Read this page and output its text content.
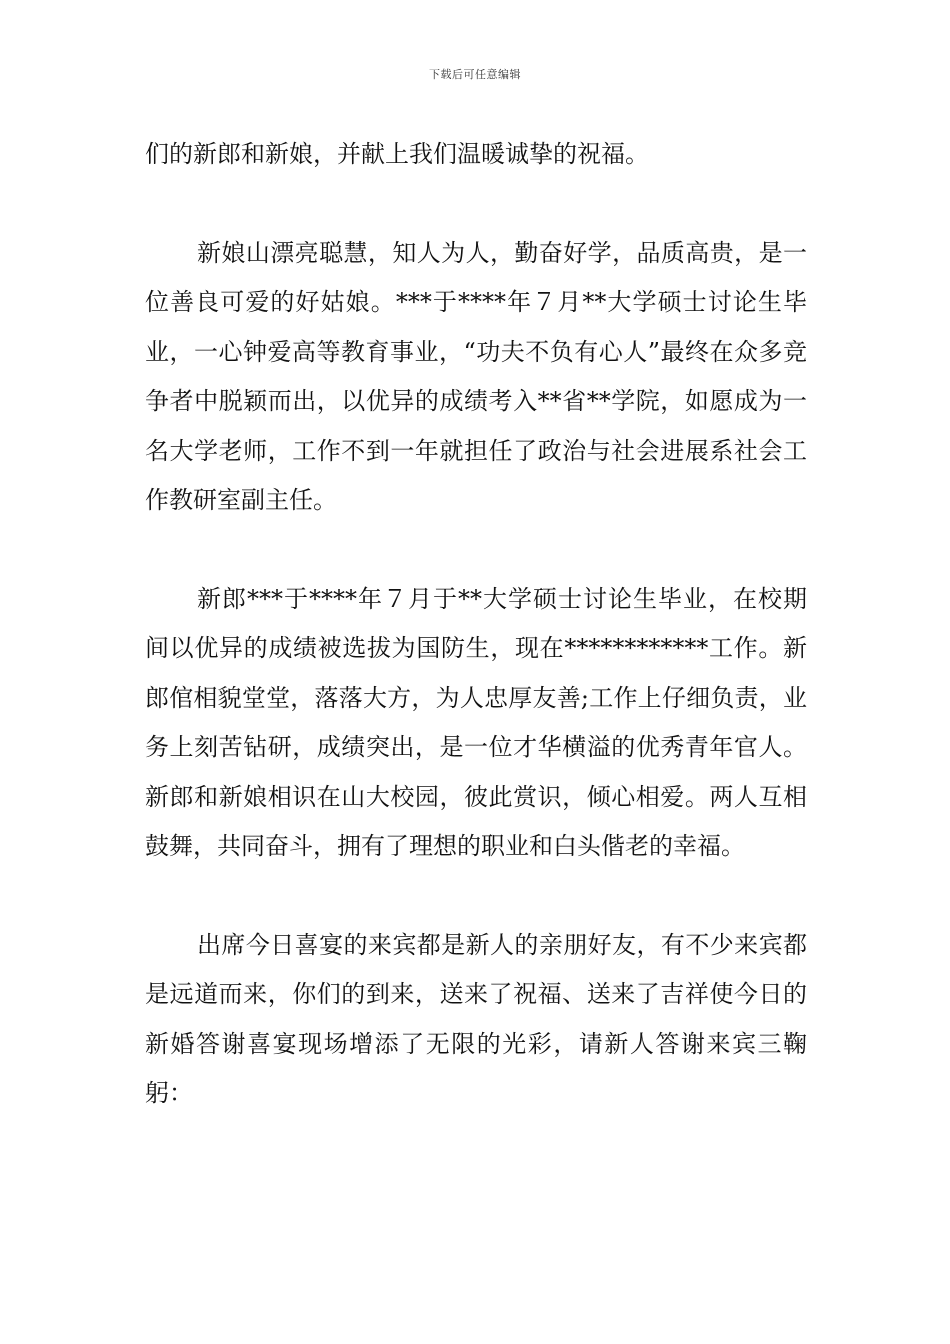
下载后可任意编辑

们的新郎和新娘，并献上我们温暖诚挚的祝福。

新娘山漂亮聪慧，知人为人，勤奋好学，品质高贵，是一位善良可爱的好姑娘。***于****年７月**大学硕士讨论生毕业，一心钟爱高等教育事业，“功夫不负有心人”最终在众多竞争者中脱颖而出，以优异的成绩考入**省**学院，如愿成为一名大学老师，工作不到一年就担任了政治与社会进展系社会工作教研室副主任。

新郎***于****年７月于**大学硕士讨论生毕业，在校期间以优异的成绩被选拔为国防生，现在************工作。新郎倌相貌堂堂，落落大方，为人忠厚友善;工作上仔细负责，业务上刻苦钻研，成绩突出，是一位才华横溢的优秀青年官人。新郎和新娘相识在山大校园，彼此赏识，倾心相爱。两人互相鼓舞，共同奋斗，拥有了理想的职业和白头偕老的幸福。

出席今日喜宴的来宾都是新人的亲朋好友，有不少来宾都是远道而来，你们的到来，送来了祝福、送来了吉祥使今日的新婚答谢喜宴现场增添了无限的光彩，请新人答谢来宾三鞠躬：
